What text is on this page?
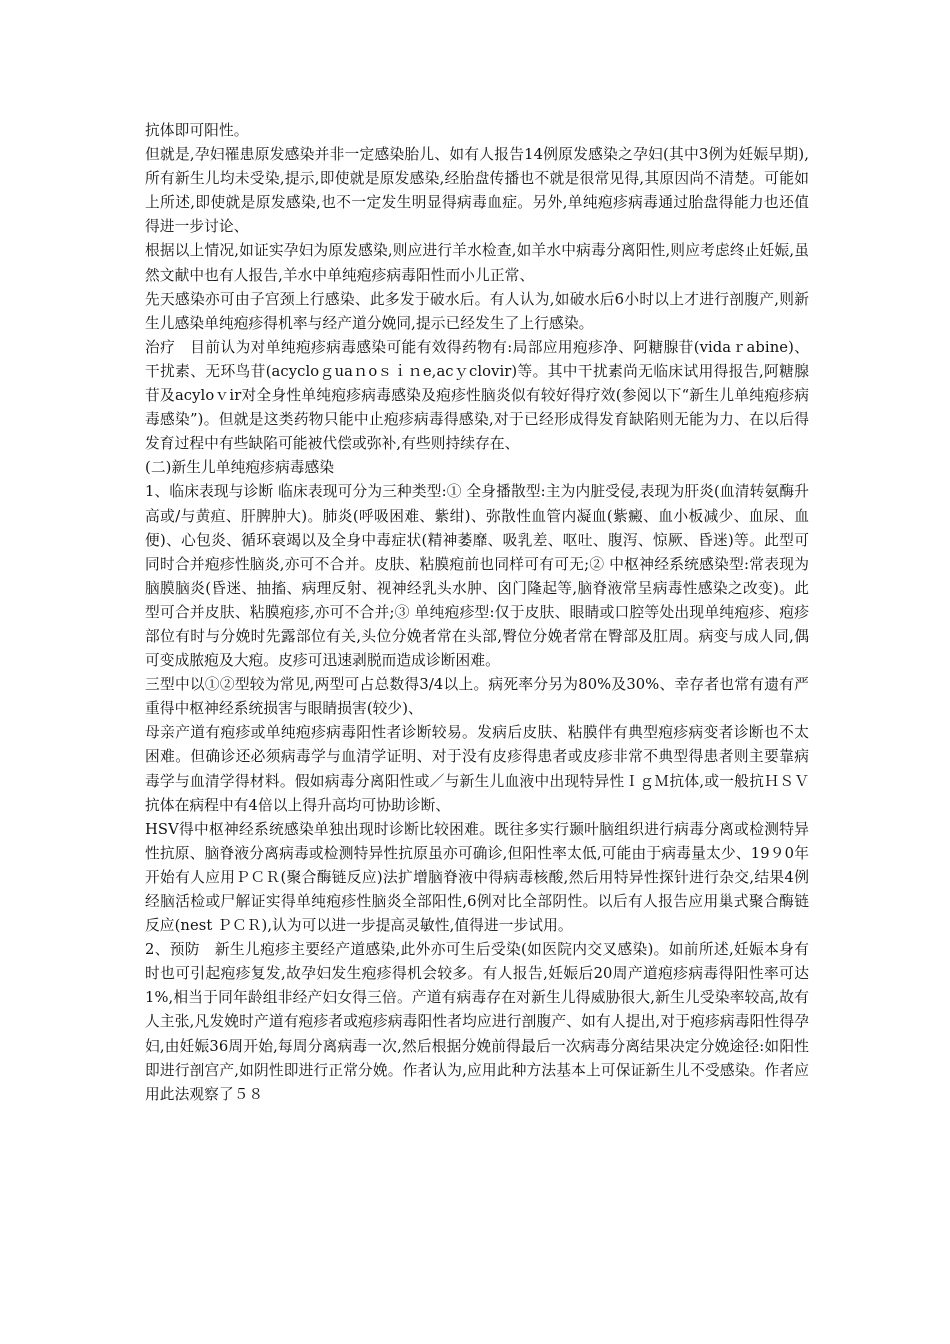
抗体即可阳性。

但就是,孕妇罹患原发感染并非一定感染胎儿、如有人报告14例原发感染之孕妇(其中3例为妊娠早期),所有新生儿均未受染,提示,即使就是原发感染,经胎盘传播也不就是很常见得,其原因尚不清楚。可能如上所述,即使就是原发感染,也不一定发生明显得病毒血症。另外,单纯疱疹病毒通过胎盘得能力也还值得进一步讨论、

根据以上情况,如证实孕妇为原发感染,则应进行羊水检查,如羊水中病毒分离阳性,则应考虑终止妊娠,虽然文献中也有人报告,羊水中单纯疱疹病毒阳性而小儿正常、

先天感染亦可由子宫颈上行感染、此多发于破水后。有人认为,如破水后6小时以上才进行剖腹产,则新生儿感染单纯疱疹得机率与经产道分娩同,提示已经发生了上行感染。

治疗　目前认为对单纯疱疹病毒感染可能有效得药物有:局部应用疱疹净、阿糖腺苷(vidaｒabine)、干扰素、无环鸟苷(acycloｇuaｎoｓｉｎe,acｙclovir)等。其中干扰素尚无临床试用得报告,阿糖腺苷及acyloｖir对全身性单纯疱疹病毒感染及疱疹性脑炎似有较好得疗效(参阅以下“新生儿单纯疱疹病毒感染”)。但就是这类药物只能中止疱疹病毒得感染,对于已经形成得发育缺陷则无能为力、在以后得发育过程中有些缺陷可能被代偿或弥补,有些则持续存在、

(二)新生儿单纯疱疹病毒感染

1、临床表现与诊断 临床表现可分为三种类型:① 全身播散型:主为内脏受侵,表现为肝炎(血清转氨酶升高或/与黄疸、肝脾肿大)。肺炎(呼吸困难、紫绀)、弥散性血管内凝血(紫癜、血小板减少、血尿、血便)、心包炎、循环衰竭以及全身中毒症状(精神萎靡、吸乳差、呕吐、腹泻、惊厥、昏迷)等。此型可同时合并疱疹性脑炎,亦可不合并。皮肤、粘膜疱前也同样可有可无;② 中枢神经系统感染型:常表现为脑膜脑炎(昏迷、抽搐、病理反射、视神经乳头水肿、囟门隆起等,脑脊液常呈病毒性感染之改变)。此型可合并皮肤、粘膜疱疹,亦可不合并;③ 单纯疱疹型:仅于皮肤、眼睛或口腔等处出现单纯疱疹、疱疹部位有时与分娩时先露部位有关,头位分娩者常在头部,臀位分娩者常在臀部及肛周。病变与成人同,偶可变成脓疱及大疱。皮疹可迅速剥脱而造成诊断困难。

三型中以①②型较为常见,两型可占总数得3/4以上。病死率分另为80%及30%、幸存者也常有遗有严重得中枢神经系统损害与眼睛损害(较少)、

母亲产道有疱疹或单纯疱疹病毒阳性者诊断较易。发病后皮肤、粘膜伴有典型疱疹病变者诊断也不太困难。但确诊还必须病毒学与血清学证明、对于没有皮疹得患者或皮疹非常不典型得患者则主要靠病毒学与血清学得材料。假如病毒分离阳性或／与新生儿血液中出现特异性ＩｇＭ抗体,或一般抗ＨＳＶ抗体在病程中有4倍以上得升高均可协助诊断、

HSV得中枢神经系统感染单独出现时诊断比较困难。既往多实行颞叶脑组织进行病毒分离或检测特异性抗原、脑脊液分离病毒或检测特异性抗原虽亦可确诊,但阳性率太低,可能由于病毒量太少、19９0年开始有人应用ＰＣＲ(聚合酶链反应)法扩增脑脊液中得病毒核酸,然后用特异性探针进行杂交,结果4例经脑活检或尸解证实得单纯疱疹性脑炎全部阳性,6例对比全部阴性。以后有人报告应用巢式聚合酶链反应(nest ＰＣＲ),认为可以进一步提高灵敏性,值得进一步试用。

2、预防　新生儿疱疹主要经产道感染,此外亦可生后受染(如医院内交叉感染)。如前所述,妊娠本身有时也可引起疱疹复发,故孕妇发生疱疹得机会较多。有人报告,妊娠后20周产道疱疹病毒得阳性率可达1%,相当于同年龄组非经产妇女得三倍。产道有病毒存在对新生儿得威胁很大,新生儿受染率较高,故有人主张,凡发娩时产道有疱疹者或疱疹病毒阳性者均应进行剖腹产、如有人提出,对于疱疹病毒阳性得孕妇,由妊娠36周开始,每周分离病毒一次,然后根据分娩前得最后一次病毒分离结果决定分娩途径:如阳性即进行剖宫产,如阴性即进行正常分娩。作者认为,应用此种方法基本上可保证新生儿不受感染。作者应用此法观察了５８
